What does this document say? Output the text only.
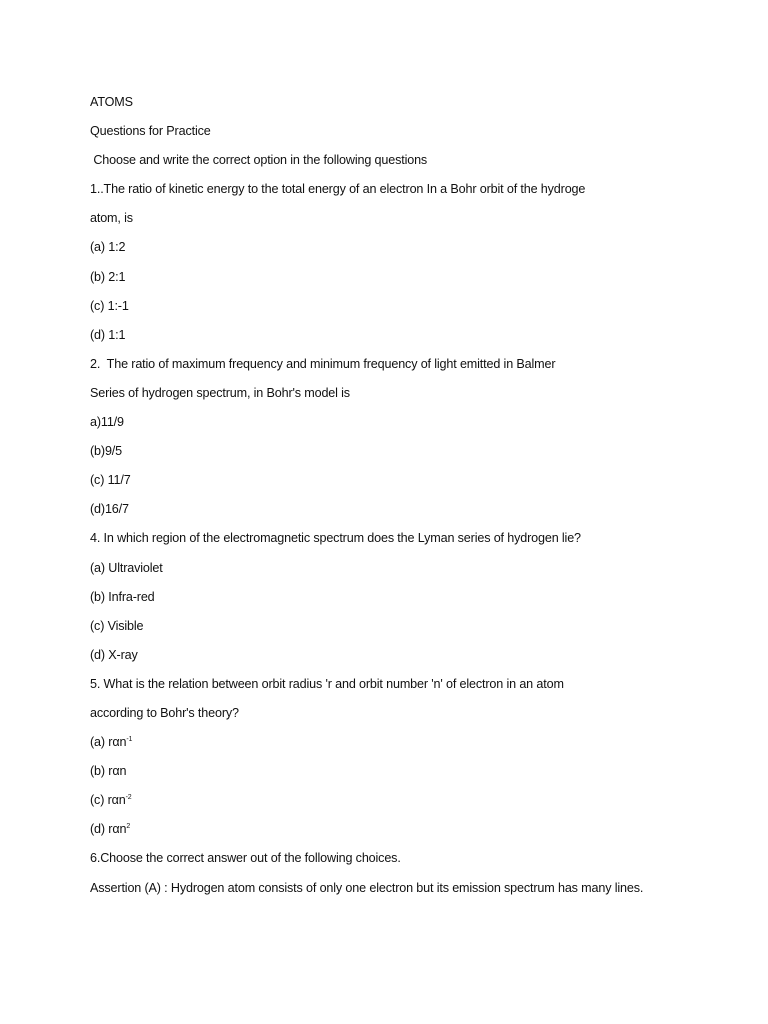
ATOMS
Questions for Practice
Choose and write the correct option in the following questions
1..The ratio of kinetic energy to the total energy of an electron In a Bohr orbit of the hydroge
atom, is
(a) 1:2
(b) 2:1
(c) 1:-1
(d) 1:1
2.  The ratio of maximum frequency and minimum frequency of light emitted in Balmer
Series of hydrogen spectrum, in Bohr's model is
a)11/9
(b)9/5
(c) 11/7
(d)16/7
4. In which region of the electromagnetic spectrum does the Lyman series of hydrogen lie?
(a) Ultraviolet
(b) Infra-red
(c) Visible
(d) X-ray
5. What is the relation between orbit radius 'r and orbit number 'n' of electron in an atom
according to Bohr's theory?
(a) rαn$^{-1}$
(b) rαn
(c) rαn$^{-2}$
(d) rαn$^2$
6.Choose the correct answer out of the following choices.
Assertion (A) : Hydrogen atom consists of only one electron but its emission spectrum has many lines.
